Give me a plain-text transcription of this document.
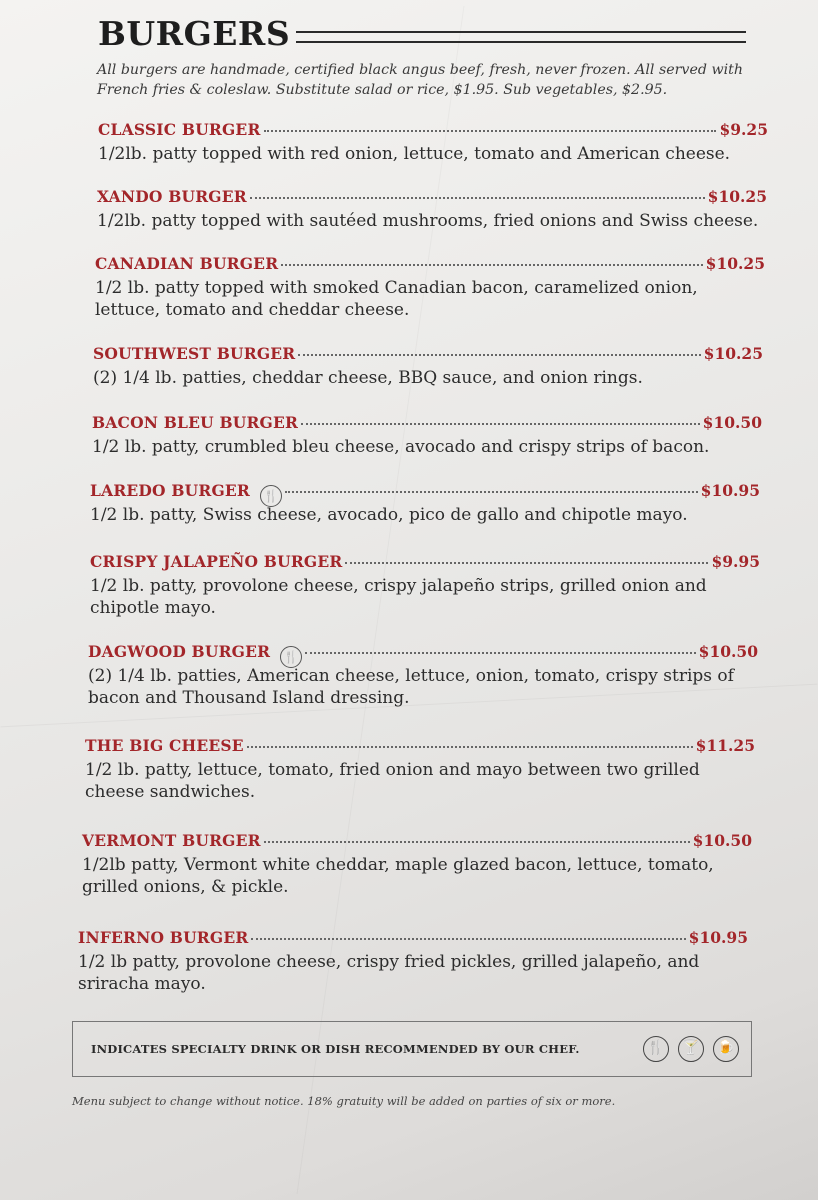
BURGERS
All burgers are handmade, certified black angus beef, fresh, never frozen. All served with French fries & coleslaw. Substitute salad or rice, $1.95. Sub vegetables, $2.95.
CLASSIC BURGER	$9.25
1/2lb. patty topped with red onion, lettuce, tomato and American cheese.
XANDO BURGER	$10.25
1/2lb. patty topped with sautéed mushrooms, fried onions and Swiss cheese.
CANADIAN BURGER	$10.25
1/2 lb. patty topped with smoked Canadian bacon, caramelized onion, lettuce, tomato and cheddar cheese.
SOUTHWEST BURGER	$10.25
(2) 1/4 lb. patties, cheddar cheese, BBQ sauce, and onion rings.
BACON BLEU BURGER	$10.50
1/2 lb. patty, crumbled bleu cheese, avocado and crispy strips of bacon.
LAREDO BURGER 🍴	$10.95
1/2 lb. patty, Swiss cheese, avocado, pico de gallo and chipotle mayo.
CRISPY JALAPEÑO BURGER	$9.95
1/2 lb. patty, provolone cheese, crispy jalapeño strips, grilled onion and chipotle mayo.
DAGWOOD BURGER 🍴	$10.50
(2) 1/4 lb. patties, American cheese, lettuce, onion, tomato, crispy strips of bacon and Thousand Island dressing.
THE BIG CHEESE	$11.25
1/2 lb. patty, lettuce, tomato, fried onion and mayo between two grilled cheese sandwiches.
VERMONT BURGER	$10.50
1/2lb patty, Vermont white cheddar, maple glazed bacon, lettuce, tomato, grilled onions, & pickle.
INFERNO BURGER	$10.95
1/2 lb patty, provolone cheese, crispy fried pickles, grilled jalapeño, and sriracha mayo.
INDICATES SPECIALTY DRINK OR DISH RECOMMENDED BY OUR CHEF.	🍴	🍸	🍺
Menu subject to change without notice. 18% gratuity will be added on parties of six or more.
